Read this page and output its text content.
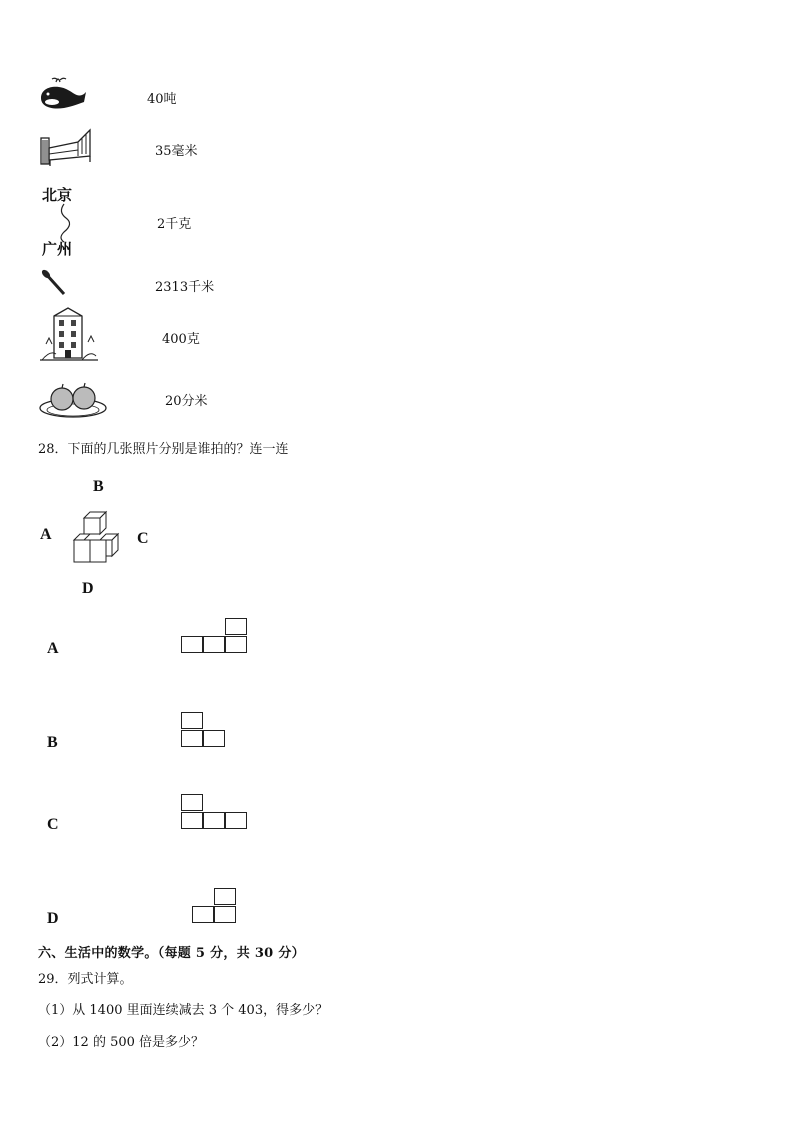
40吨
35毫米
北京
广州
2千克
2313千米
400克
20分米
28．下面的几张照片分别是谁拍的？连一连
B
A	C
D
A
B
C
D
六、生活中的数学。（每题 5 分，共 30 分）
29．列式计算。
（1）从 1400 里面连续减去 3 个 403，得多少？
（2）12 的 500 倍是多少？
